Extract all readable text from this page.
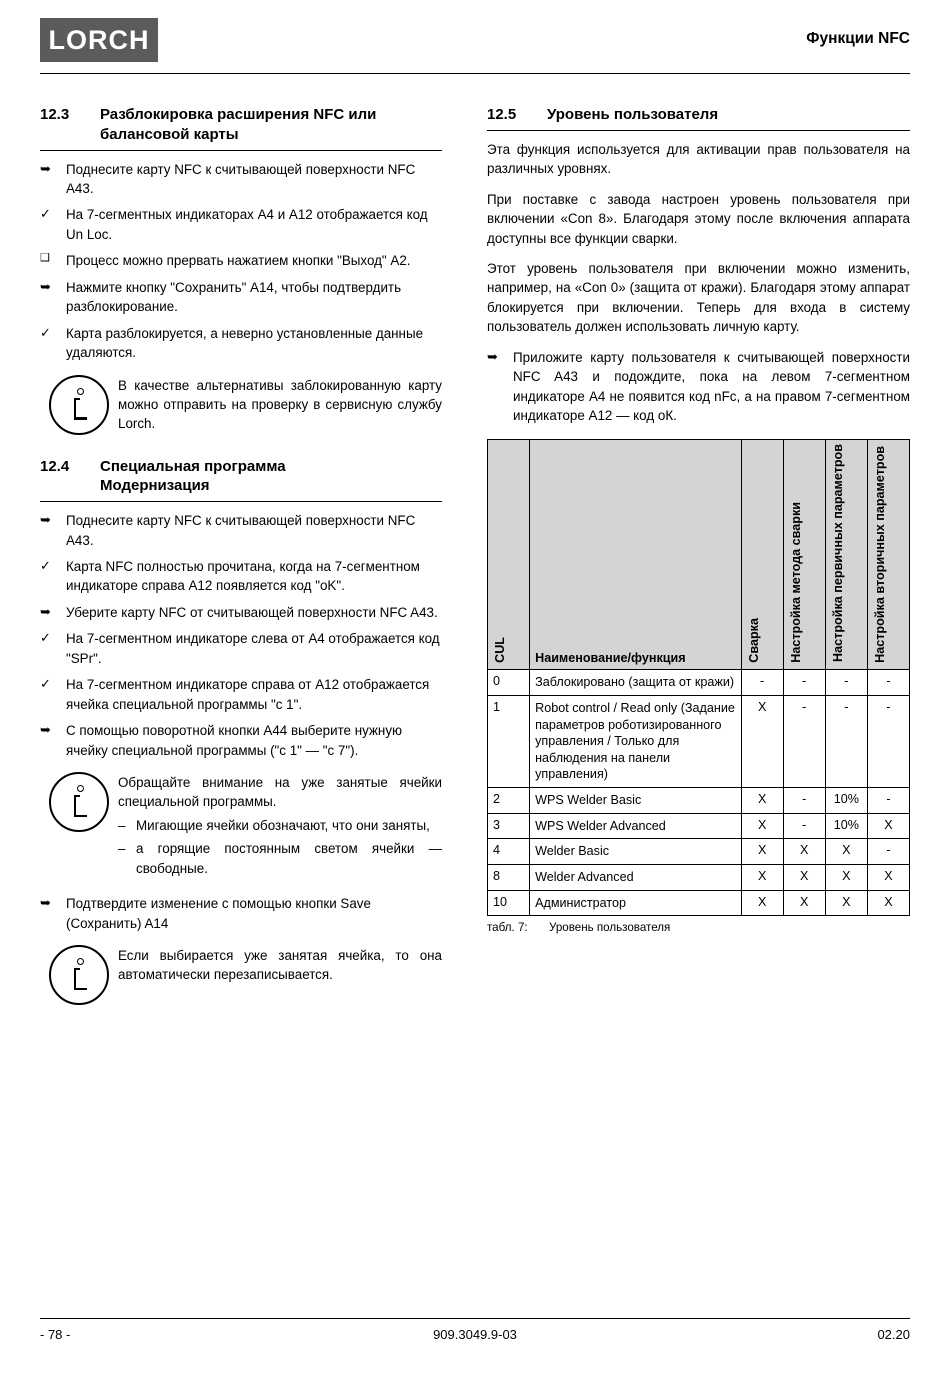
LORCH	Функции NFC
12.3	Разблокировка расширения NFC или балансовой карты
➥	Поднесите карту NFC к считывающей поверхности NFC A43.
✓	На 7-сегментных индикаторах A4 и A12 отображается код Un Loc.
❑	Процесс можно прервать нажатием кнопки "Выход" A2.
➥	Нажмите кнопку "Сохранить" A14, чтобы подтвердить разблокирование.
✓	Карта разблокируется, а неверно установленные данные удаляются.
В качестве альтернативы заблокированную карту можно отправить на проверку в сервисную службу Lorch.
12.4	Специальная программа
Модернизация
➥	Поднесите карту NFC к считывающей поверхности NFC A43.
✓	Карта NFC полностью прочитана, когда на 7-сегментном индикаторе справа A12 появляется код "oK".
➥	Уберите карту NFC от считывающей поверхности NFC A43.
✓	На 7-сегментном индикаторе слева от A4 отображается код "SPr".
✓	На 7-сегментном индикаторе справа от A12 отображается ячейка специальной программы "c 1".
➥	С помощью поворотной кнопки A44 выберите нужную ячейку специальной программы ("c 1" — "c 7").
Обращайте внимание на уже занятые ячейки специальной программы.
– Мигающие ячейки обозначают, что они заняты,
– а горящие постоянным светом ячейки — свободные.
➥	Подтвердите изменение с помощью кнопки Save (Сохранить) A14
Если выбирается уже занятая ячейка, то она автоматически перезаписывается.
12.5	Уровень пользователя

Эта функция используется для активации прав пользователя на различных уровнях.

При поставке с завода настроен уровень пользователя при включении «Con 8». Благодаря этому после включения аппарата доступны все функции сварки.

Этот уровень пользователя при включении можно изменить, например, на «Con 0» (защита от кражи). Благодаря этому аппарат блокируется при включении. Теперь для входа в систему пользователь должен использовать личную карту.

➥	Приложите карту пользователя к считывающей поверхности NFC A43 и подождите, пока на левом 7-сегментном индикаторе A4 не появится код nFc, а на правом 7-сегментном индикаторе A12 — код оК.
CUL	Наименование/функция	Сварка	Настройка метода сварки	Настройка первичных параметров	Настройка вторичных параметров
0	Заблокировано (защита от кражи)	-	-	-	-
1	Robot control / Read only (Задание параметров роботизированного управления / Только для наблюдения на панели управления)	X	-	-	-
2	WPS Welder Basic	X	-	10%	-
3	WPS Welder Advanced	X	-	10%	X
4	Welder Basic	X	X	X	-
8	Welder Advanced	X	X	X	X
10	Администратор	X	X	X	X
табл. 7: Уровень пользователя
- 78 -	909.3049.9-03	02.20
